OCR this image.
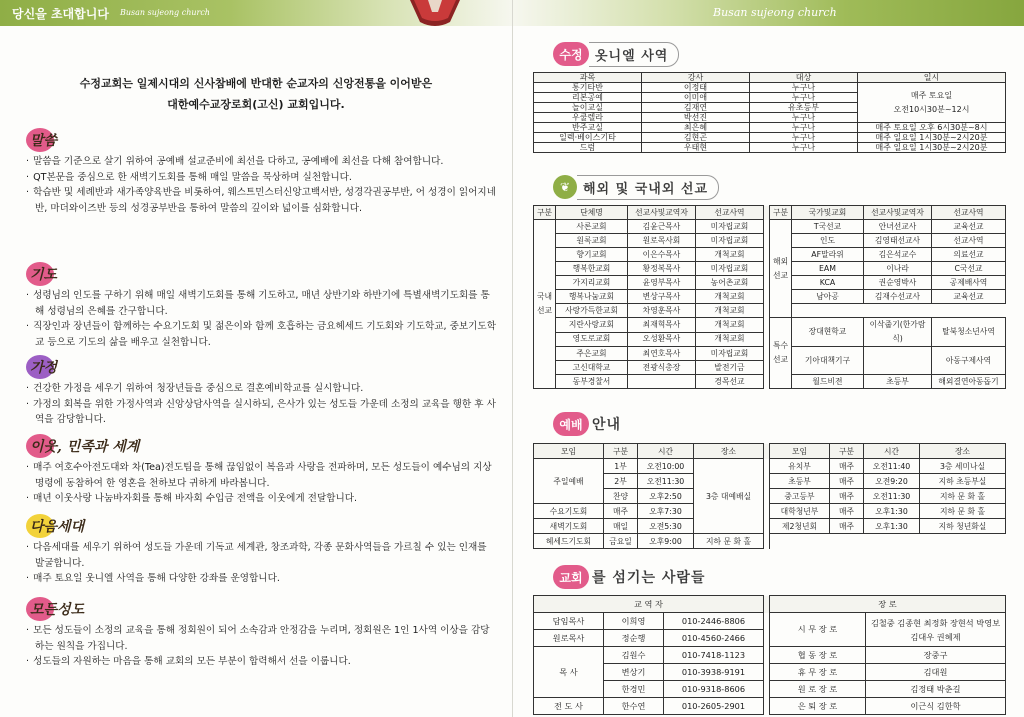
당신을 초대합니다 Busan sujeong church
수정교회는 일제시대의 신사참배에 반대한 순교자의 신앙전통을 이어받은
대한예수교장로회(고신) 교회입니다.
말씀
· 말씀을 기준으로 살기 위하여 공예배 설교준비에 최선을 다하고, 공예배에 최선을 다해 참여합니다.
· QT본문을 중심으로 한 새벽기도회를 통해 매일 말씀을 묵상하며 실천합니다.
· 학습반 및 세례반과 새가족양육반을 비롯하여, 웨스트민스터신앙고백서반, 성경각권공부반, 어 성경이 읽어지네반, 마더와이즈반 등의 성경공부반을 통하여 말씀의 깊이와 넓이를 심화합니다.
기도
· 성령님의 인도를 구하기 위해 매일 새벽기도회를 통해 기도하고, 매년 상반기와 하반기에 특별새벽기도회를 통해 성령님의 은혜를 간구합니다.
· 직장인과 장년들이 함께하는 수요기도회 및 젊은이와 함께 호흡하는 금요헤세드 기도회와 기도학교, 중보기도학교 등으로 기도의 삶을 배우고 실천합니다.
가정
· 건강한 가정을 세우기 위하여 청장년들을 중심으로 결혼예비학교를 실시합니다.
· 가정의 회복을 위한 가정사역과 신앙상담사역을 실시하되, 은사가 있는 성도들 가운데 소정의 교육을 행한 후 사역을 감당합니다.
이웃, 민족과 세계
· 매주 여호수아전도대와 차(Tea)전도팀을 통해 끊임없이 복음과 사랑을 전파하며, 모든 성도들이 예수님의 지상명령에 동참하여 한 영혼을 천하보다 귀하게 바라봅니다.
· 매년 이웃사랑 나눔바자회를 통해 바자회 수입금 전액을 이웃에게 전달합니다.
다음세대
· 다음세대를 세우기 위하여 성도들 가운데 기독교 세계관, 창조과학, 각종 문화사역들을 가르칠 수 있는 인재를 발굴합니다.
· 매주 토요일 웃니엘 사역을 통해 다양한 강좌를 운영합니다.
모든성도
· 모든 성도들이 소정의 교육을 통해 정회원이 되어 소속감과 안정감을 누리며, 정회원은 1인 1사역 이상을 감당하는 원칙을 가집니다.
· 성도들의 자원하는 마음을 통해 교회의 모든 부분이 합력해서 선을 이룹니다.
Busan sujeong church
수정 옷니엘 사역
과목	강사	대상	일시
통기타반	이정태	누구나	매주 토요일
오전10시30분~12시

리본공예	이미애	누구나	
놀이교실	김재연	유초등부	
우쿨렐라	박선진	누구나	
반주교실	최은혜	누구나	매주 토요일 오후 6시30분~8시
일렉·베이스기타	김현곤	누구나	매주 일요일 1시30분~2시20분
드럼	우태현	누구나	매주 일요일 1시30분~2시20분
❦ 해외 및 국내외 선교
구분	단체명	선교사및교역자	선교사역		구분	국가및교회	선교사및교역자	선교사역
국내선교	사론교회	김윤근목사	미자립교회		해외선교	T국선교	안녀선교사	교육선교
	원록교회	원로목사회	미자립교회			인도	김영태선교사	선교사역
	향기교회	이은수목사	개척교회			AF말라위	김은석교수	의료선교
	행복한교회	황정복목사	미자립교회			EAM	이나라	C국선교
	가지리교회	윤영부목사	농어촌교회			KCA	권순영박사	공제배사역
	행복나눔교회	변상구목사	개척교회			남아공	김재수선교사	교육선교
	사랑가득한교회	차영훈목사	개척교회					
	지란사랑교회	최재혁목사	개척교회		특수선교	장대현학교	이삭줍기(한가람식)	탈북청소년사역
	영도로교회	오성환목사	개척교회					
	주은교회	최연호목사	미자립교회			기아대책기구		아동구제사역
	고신대학교	전광식총장	발전기금					
	동부경찰서		경목선교			월드비젼	초등부	해외결연아동돕기
예배 안내
모임	구분	시간	장소		모임	구분	시간	장소
주일예배	1부	오전10:00	3층 대예배실		유치부	매주	오전11:40	3층 세미나실
	2부	오전11:30			초등부	매주	오전9:20	지하 초등부실
	찬양	오후2:50			중고등부	매주	오전11:30	지하 문 화 홀
수요기도회	매주	오후7:30			대학청년부	매주	오후1:30	지하 문 화 홀
새벽기도회	매일	오전5:30			제2청년회	매주	오후1:30	지하 청년화실
헤세드기도회	금요일	오후9:00	지하 문 화 홀					
교회 를 섬기는 사람들
교 역 자				장 로	
담임목사	이희영	010-2446-8806		시 무 장 로	김철중 김종현 최정화 장현석 박영보 김대우 권혜제
원로목사	정순행	010-4560-2466			
목 사	김원수	010-7418-1123		협 동 장 로	장중구
	변상기	010-3938-9191		휴 무 장 로	김대원
	한경민	010-9318-8606		원 로 장 로	김정태 박춘길
전 도 사	한수연	010-2605-2901		은 퇴 장 로	이근식 김한학
